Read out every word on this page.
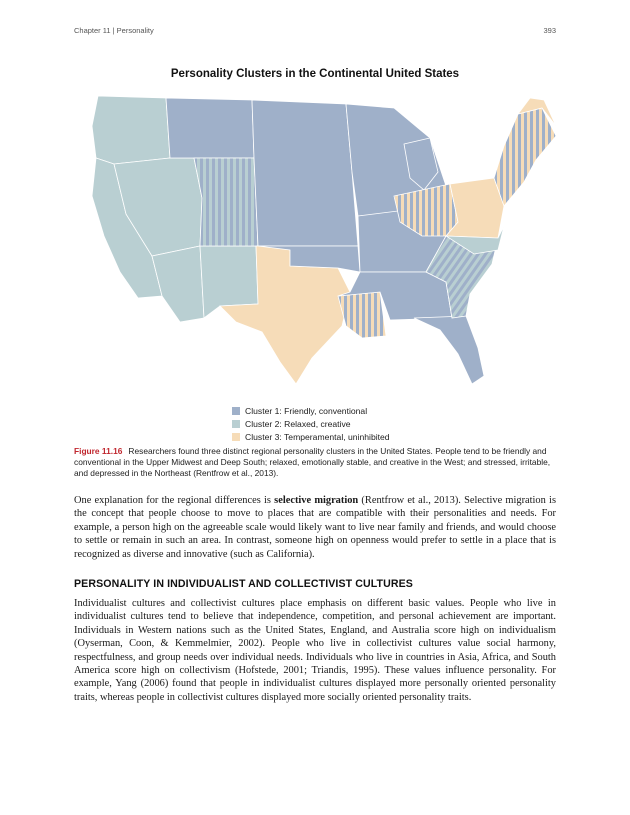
Chapter 11 | Personality	393
Personality Clusters in the Continental United States
Cluster 1: Friendly, conventional
Cluster 2: Relaxed, creative
Cluster 3: Temperamental, uninhibited
Figure 11.16 Researchers found three distinct regional personality clusters in the United States. People tend to be friendly and conventional in the Upper Midwest and Deep South; relaxed, emotionally stable, and creative in the West; and stressed, irritable, and depressed in the Northeast (Rentfrow et al., 2013).
One explanation for the regional differences is selective migration (Rentfrow et al., 2013). Selective migration is the concept that people choose to move to places that are compatible with their personalities and needs. For example, a person high on the agreeable scale would likely want to live near family and friends, and would choose to settle or remain in such an area. In contrast, someone high on openness would prefer to settle in a place that is recognized as diverse and innovative (such as California).
PERSONALITY IN INDIVIDUALIST AND COLLECTIVIST CULTURES
Individualist cultures and collectivist cultures place emphasis on different basic values. People who live in individualist cultures tend to believe that independence, competition, and personal achievement are important. Individuals in Western nations such as the United States, England, and Australia score high on individualism (Oyserman, Coon, & Kemmelmier, 2002). People who live in collectivist cultures value social harmony, respectfulness, and group needs over individual needs. Individuals who live in countries in Asia, Africa, and South America score high on collectivism (Hofstede, 2001; Triandis, 1995). These values influence personality. For example, Yang (2006) found that people in individualist cultures displayed more personally oriented personality traits, whereas people in collectivist cultures displayed more socially oriented personality traits.
